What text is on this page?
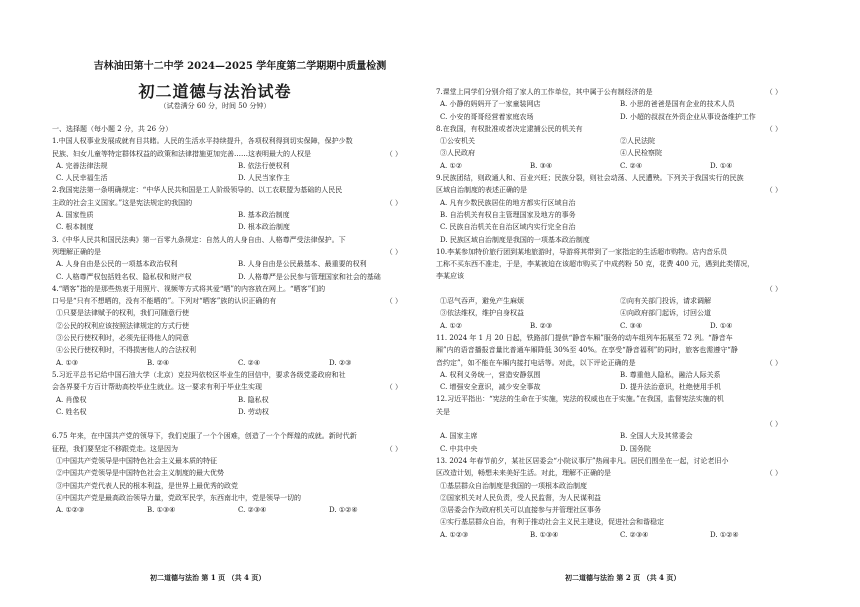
吉林油田第十二中学 2024—2025 学年度第二学期期中质量检测
初二道德与法治试卷
（试卷满分 60 分，时间 50 分钟）
一、选择题（每小题 2 分，共 26 分）
1.中国人权事业发展成就有目共睹。人民的生活水平持续提升，各项权利得到切实保障，保护少数
民族、妇女儿童等特定群体权益的政策和法律措施更加完善……这表明最大的人权是	（ ）
A. 完善法律法规	B. 依法行使权利
C. 人民幸福生活	D. 人民当家作主
2.我国宪法第一条明确规定：“中华人民共和国是工人阶级领导的、以工农联盟为基础的人民民
主政的社会主义国家。”这是宪法规定的我国的	（ ）
A. 国家性质	B. 基本政治制度
C. 根本制度	D. 根本政治制度
3.《中华人民共和国民法典》第一百零九条规定：自然人的人身自由、人格尊严受法律保护。下
列理解正确的是	（ ）
A. 人身自由是公民的一项基本政治权利	B. 人身自由是公民最基本、最重要的权利
C. 人格尊严权包括姓名权、隐私权和财产权	D. 人格尊严是公民参与管理国家和社会的基础
4.“晒客”指的是那些热衷于用照片、视频等方式将其爱“晒”的内容放在网上。“晒客”们的
口号是“只有不想晒的，没有不能晒的”。下列对“晒客”族的认识正确的有	（ ）
①只要是法律赋予的权利，我们可随意行使
②公民的权利应该按照法律规定的方式行使
③公民行使权利时，必须先征得他人的同意
④公民行使权利时，不得损害他人的合法权利
A. ①③	B. ②④	C. ②④	D. ②③
5.习近平总书记给中国石油大学（北京）克拉玛依校区毕业生的回信中，要求各级党委政府和社
会各界要千方百计帮助高校毕业生就业。这一要求有利于毕业生实现	（ ）
A. 肖像权	B. 隐私权
C. 姓名权	D. 劳动权
6.75 年来，在中国共产党的领导下，我们克服了一个个困难，创造了一个个辉煌的成就。新时代新
征程，我们要坚定不移跟党走。这是因为	（ ）
①中国共产党领导是中国特色社会主义最本质的特征
②中国共产党领导是中国特色社会主义制度的最大优势
③中国共产党代表人民的根本利益，是世界上最优秀的政党
④中国共产党是最高政治领导力量，党政军民学，东西南北中，党是领导一切的
A. ①②③	B. ①③④	C. ②③④	D. ①②④
初二道德与法治 第 1 页 （共 4 页）
7.课堂上同学们分别介绍了家人的工作单位，其中属于公有制经济的是	（ ）
A. 小静的妈妈开了一家童装网店	B. 小思的爸爸是国有企业的技术人员
C. 小安的哥哥经营着家庭农场	D. 小超的叔叔在外资企业从事设备维护工作
8.在我国，有权批准或者决定逮捕公民的机关有	（ ）
①公安机关	②人民法院
③人民政府	④人民检察院
A. ①②	B. ③④	C. ②④	D. ①④
9.民族团结，则政通人和、百业兴旺；民族分裂，则社会动荡、人民遭殃。下列关于我国实行的民族
区域自治制度的表述正确的是	（ ）
A. 凡有少数民族居住的地方都实行区域自治
B. 自治机关有权自主管理国家及地方的事务
C. 民族自治机关在自治区域内实行完全自治
D. 民族区域自治制度是我国的一项基本政治制度
10.李某参加特价旅行团到某地旅游时，导游将其带到了一家指定的生活超市购物。店内音乐员
工称不买东西不准走，于是，李某被迫在该超市购买了中成药粉 50 克，花费 400 元，遇到此类情况，
李某应该
（ ）
①忍气吞声，避免产生麻烦	②向有关部门投诉，请求调解
③依法维权，维护自身权益	④向政府部门起诉，讨回公道
A. ①②	B. ②③	C. ③④	D. ①④
11. 2024 年 1 月 20 日起，铁路部门提供“静音车厢”服务的动车组列车拓展至 72 列。“静音车
厢”内的语音播报音量比普通车厢降低 30%至 40%。在享受“静音福利”的同时，旅客也需遵守“静
音约定”，如不能在车厢内接打电话等。对此，以下评论正确的是	（ ）
A. 权利义务统一，营造安静氛围	B. 尊重他人隐私，融洽人际关系
C. 增强安全意识，减少安全事故	D. 提升法治意识，杜绝使用手机
12.习近平指出：“宪法的生命在于实施，宪法的权威也在于实施。”在我国，监督宪法实施的机
关是
（ ）
A. 国家主席	B. 全国人大及其常委会
C. 中共中央	D. 国务院
13. 2024 年春节前夕，某社区居委会“小院议事厅”热闹非凡。居民们围坐在一起，讨论老旧小
区改造计划，畅想未来美好生活。对此，理解不正确的是	（ ）
①基层群众自治制度是我国的一项根本政治制度
②国家机关对人民负责，受人民监督，为人民谋利益
③居委会作为政府机关可以直接参与并管理社区事务
④实行基层群众自治，有利于推动社会主义民主建设，促进社会和谐稳定
A. ①②③	B. ①③④	C. ②③④	D. ①②④
初二道德与法治 第 2 页 （共 4 页）
